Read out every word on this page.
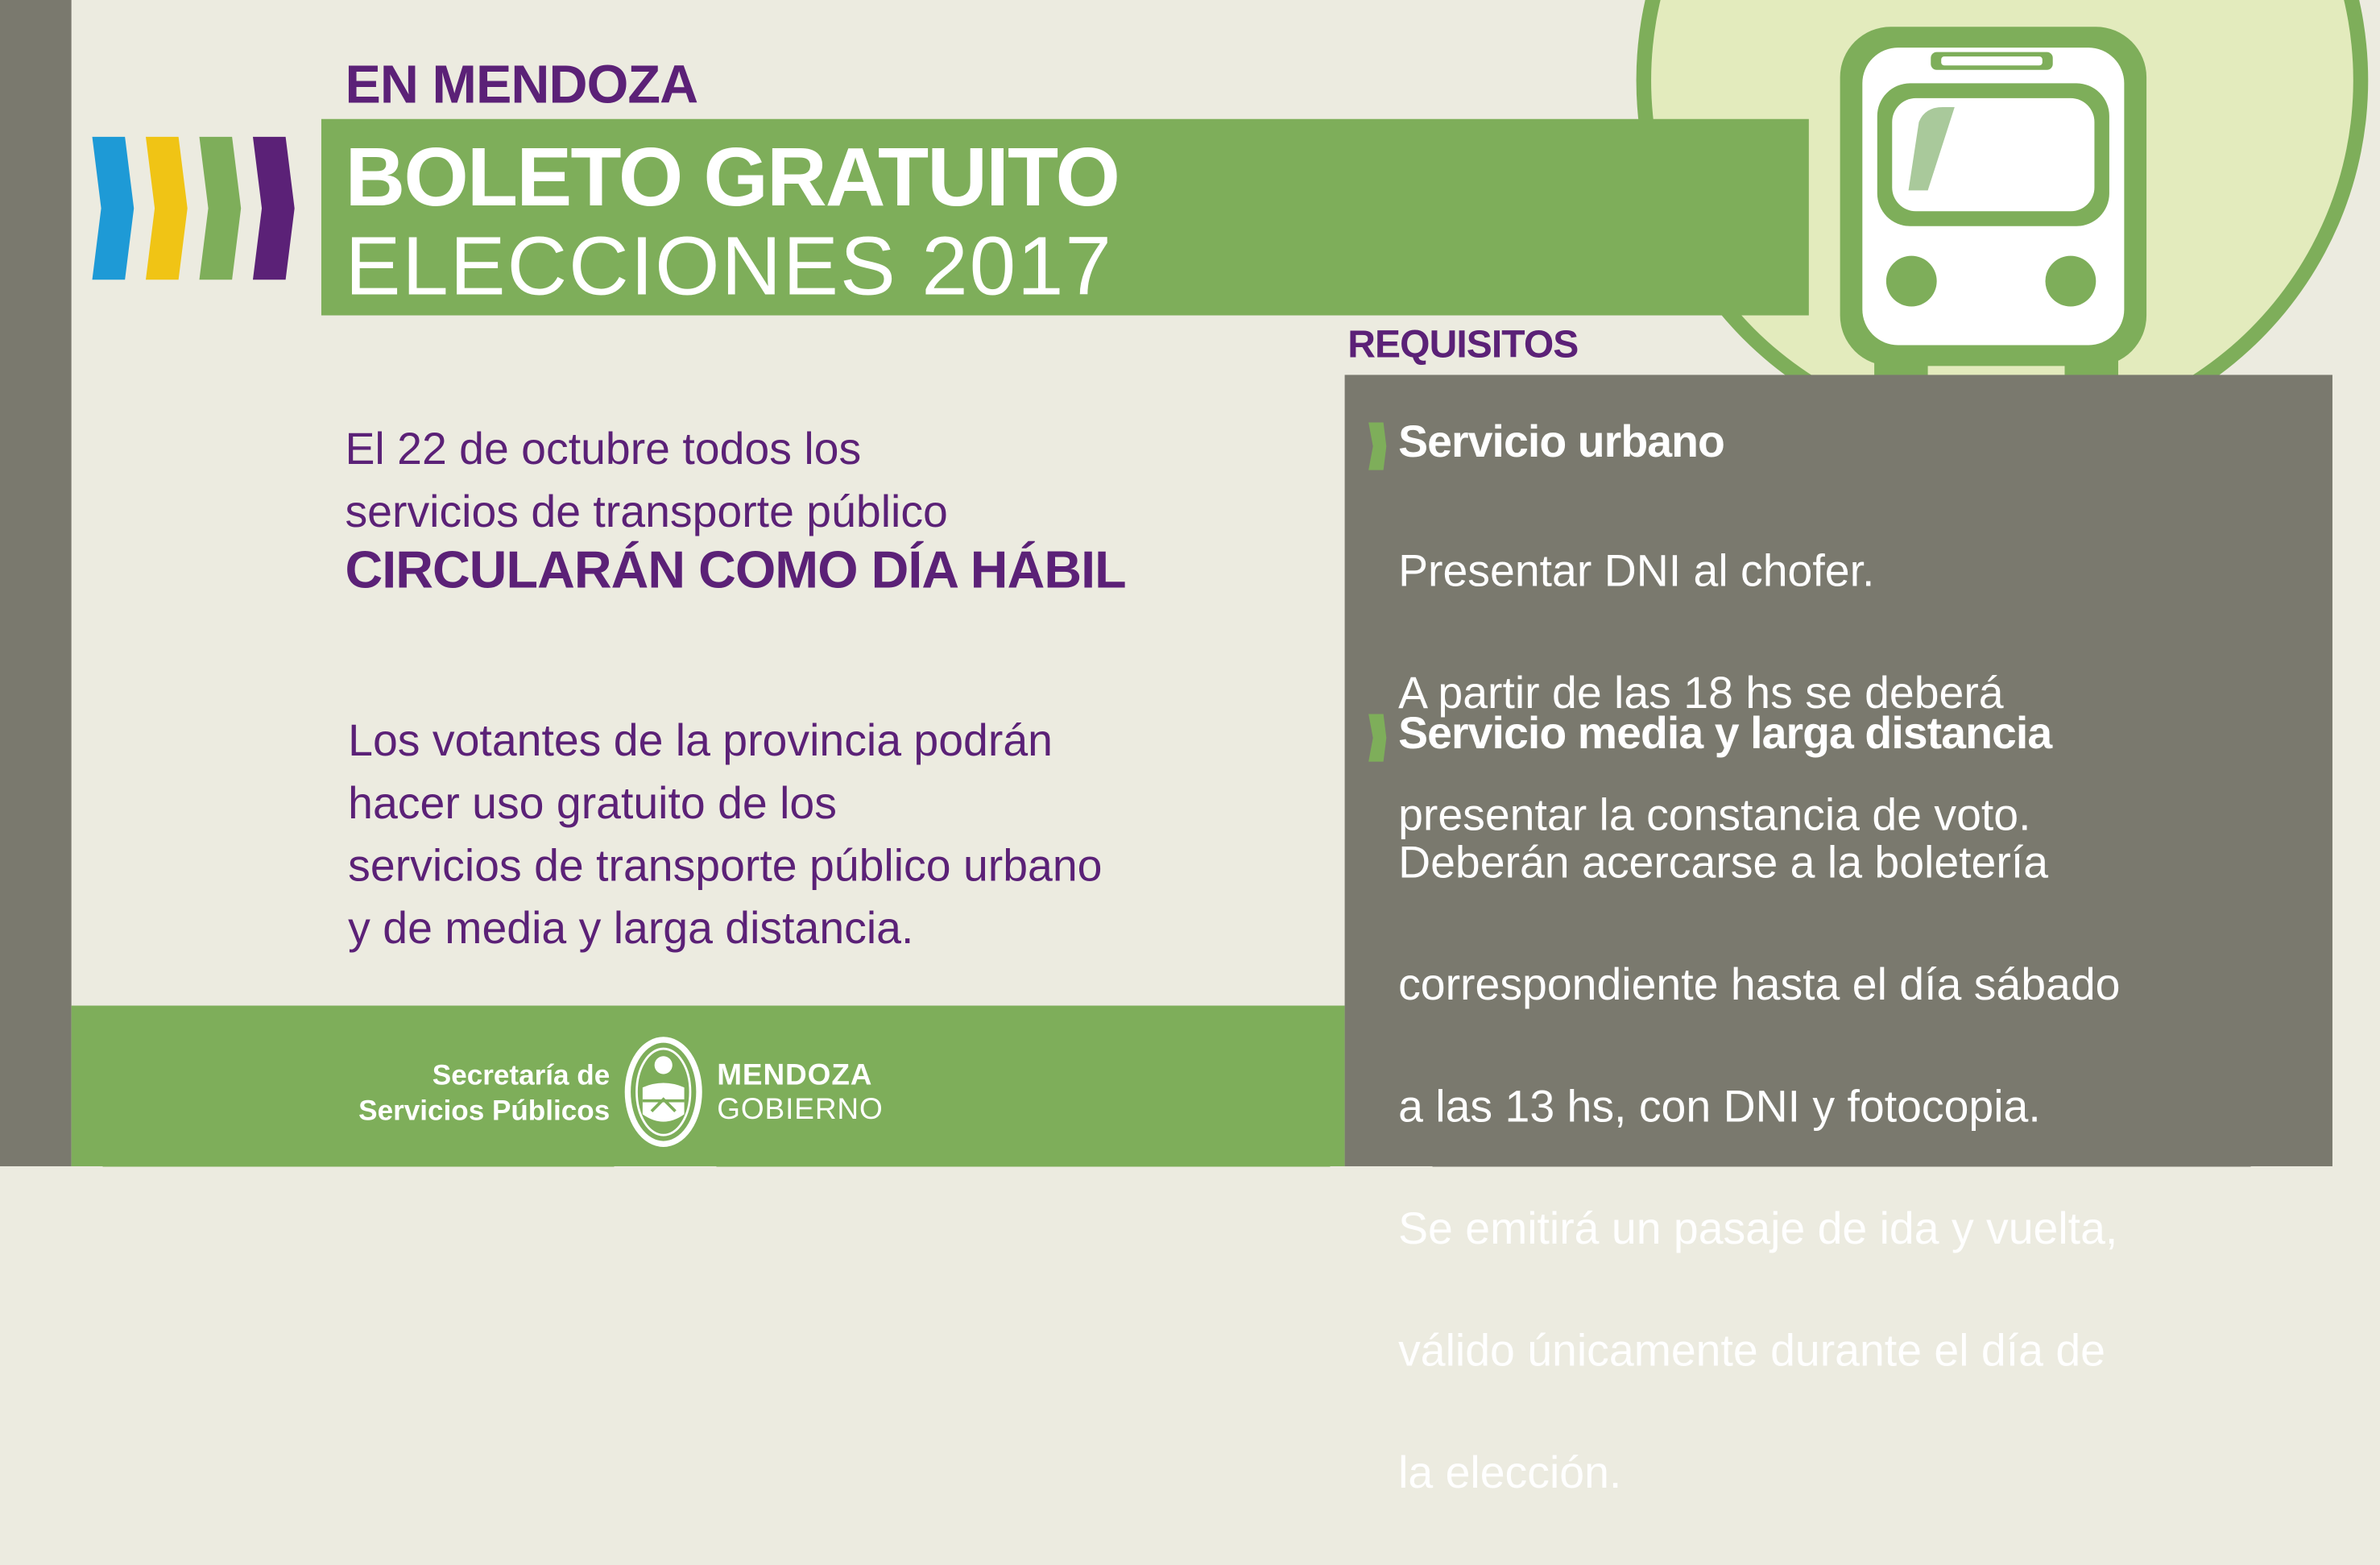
EN MENDOZA
BOLETO GRATUITO
ELECCIONES 2017
El 22 de octubre todos los
servicios de transporte público
CIRCULARÁN COMO DÍA HÁBIL
Los votantes de la provincia podrán
hacer uso gratuito de los
servicios de transporte público urbano
y de media y larga distancia.
Secretaría de
Servicios Públicos
MENDOZA
GOBIERNO
REQUISITOS
Servicio urbano

Presentar DNI al chofer.

A partir de las 18 hs se deberá

presentar la constancia de voto.

Servicio media y larga distancia

Deberán acercarse a la boletería

correspondiente hasta el día sábado

a las 13 hs, con DNI y fotocopia.

Se emitirá un pasaje de ida y vuelta,

válido únicamente durante el día de

la elección.
